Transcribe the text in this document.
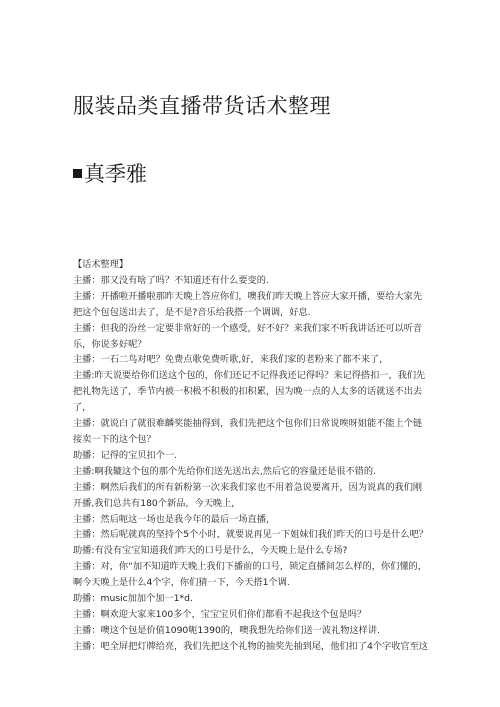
服装品类直播带货话术整理
真季雅

【话术整理】

主播：那又没有啥了吗？不知道还有什么要变的.

主播：开播啦开播啦那昨天晚上答应你们，噢我们昨天晚上答应大家开播，要给大家先把这个包包送出去了，是不是?音乐给我搭一个调调，好息.

主播：但我的汾丝一定要非常好的一个感受，好不好？来我们家不听我讲话还可以听音乐，你说多好呢？

主播：一石二鸟对吧？免费点歌免费听歌,好，来我们家的老粉来了都不来了，

主播:昨天说要给你们送这个包的，你们还记不记得我还记得吗？来记得搭扣一，我们先把礼物先送了，季节内被一积极不积极的扣积累，因为晚一点的人太多的话就送不出去了，

主播：就说白了就很难麟奖能抽得到，我们先把这个包你们日常说唉呀姐能不能上个链接卖一下的这个包？

助播：记得的宝贝扣个一.

主播:啊我辘这个包的那个先给你们送先送出去,然后它的容量还是很不错的.

主播：啊然后我们的所有新粉第一次来我们家也不用着急说要离开，因为说真的我们刚开播,我们总共有180个新品，今天晚上，

主播：然后呃这一场也是我今年的最后一场直播，

主播：然后呢就真的坚持个5个小时，就要说再见一下姐妹们我们昨天的口号是什么吧？

助播:有没有宝宝知道我们昨天的口号是什么，今天晚上是什么专场?

主播：对，你“加不知道昨天晚上我们下播前的口号，锁定直播间怎么样的，你们懂的，啊今天晚上是什么4个字，你们猜一下，今天搭1个调.

助播：music加加个加一1*d.

主播：啊欢迎大家来100多个，宝宝宝贝们你们都看不起我这个包是吗？

主播：噢这个包是价值1090呃1390的，噢我想先给你们送一波礼物这样讲.

主播：吧全屏把灯牌给亮，我们先把这个礼物的抽奖先抽到尾，他们扣了4个字收官至这
